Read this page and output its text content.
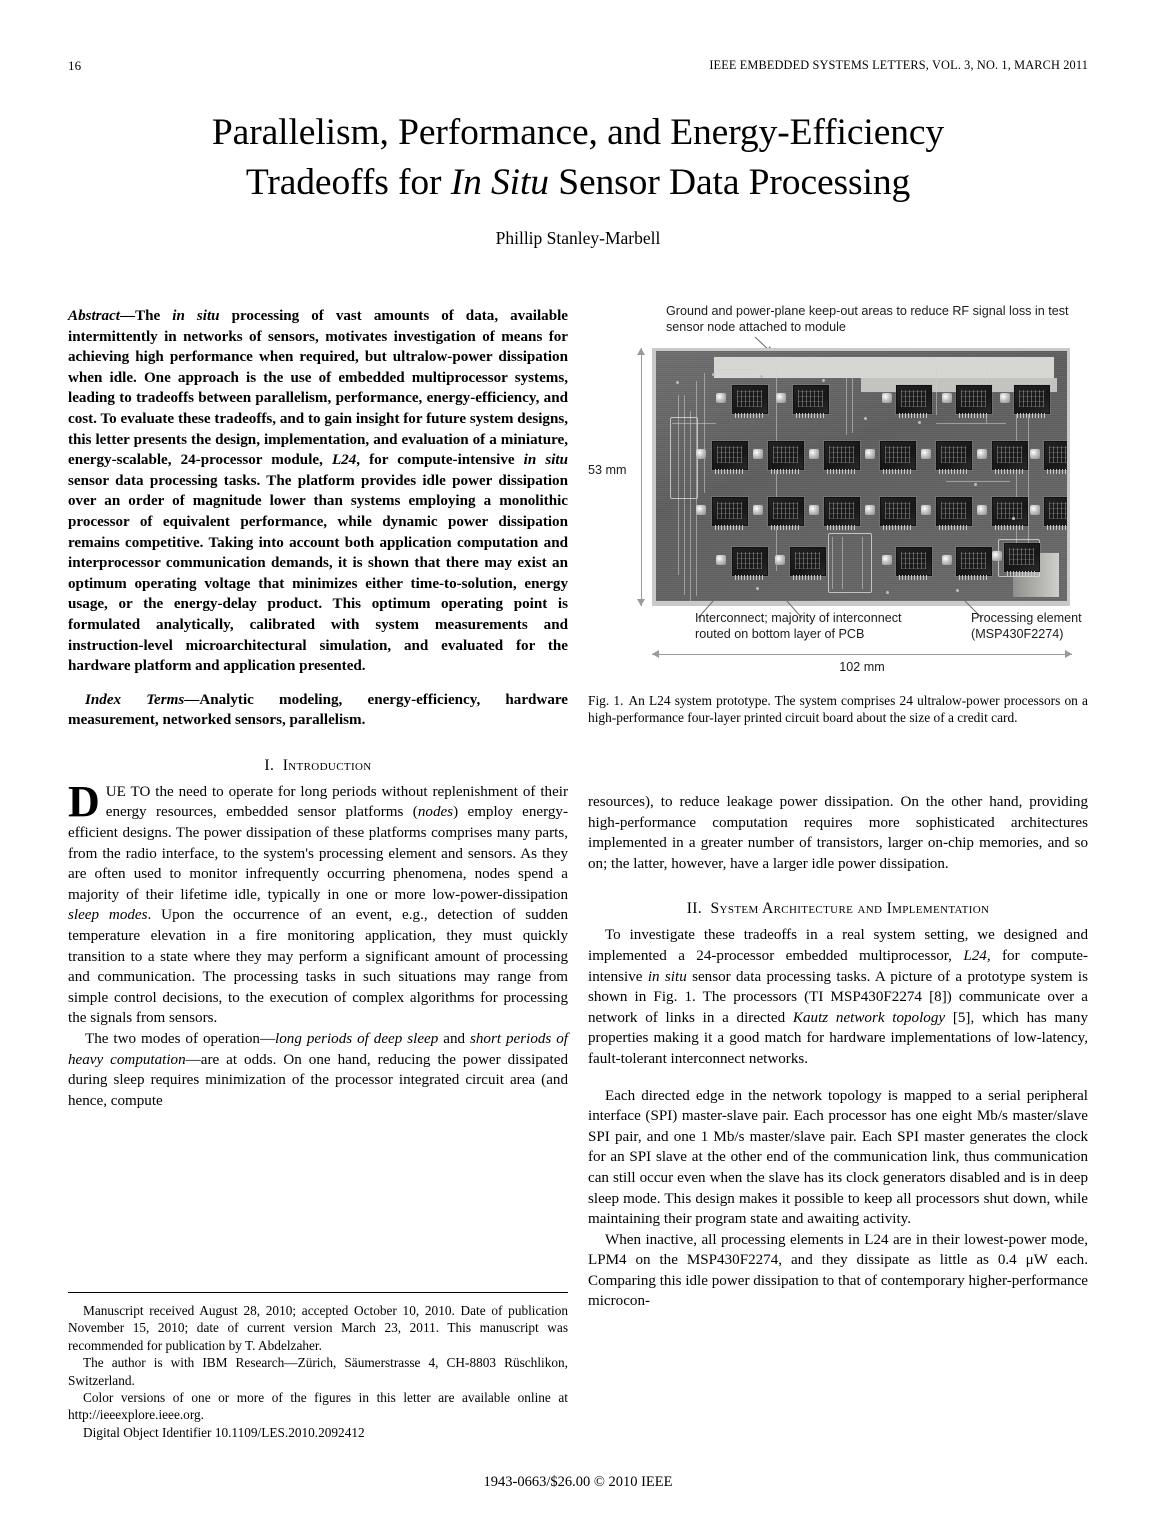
16	IEEE EMBEDDED SYSTEMS LETTERS, VOL. 3, NO. 1, MARCH 2011
Parallelism, Performance, and Energy-Efficiency
Tradeoffs for In Situ Sensor Data Processing
Phillip Stanley-Marbell
Abstract—The in situ processing of vast amounts of data, available intermittently in networks of sensors, motivates investigation of means for achieving high performance when required, but ultralow-power dissipation when idle. One approach is the use of embedded multiprocessor systems, leading to tradeoffs between parallelism, performance, energy-efficiency, and cost. To evaluate these tradeoffs, and to gain insight for future system designs, this letter presents the design, implementation, and evaluation of a miniature, energy-scalable, 24-processor module, L24, for compute-intensive in situ sensor data processing tasks. The platform provides idle power dissipation over an order of magnitude lower than systems employing a monolithic processor of equivalent performance, while dynamic power dissipation remains competitive. Taking into account both application computation and interprocessor communication demands, it is shown that there may exist an optimum operating voltage that minimizes either time-to-solution, energy usage, or the energy-delay product. This optimum operating point is formulated analytically, calibrated with system measurements and instruction-level microarchitectural simulation, and evaluated for the hardware platform and application presented.
Index Terms—Analytic modeling, energy-efficiency, hardware measurement, networked sensors, parallelism.
I. Introduction
DUE TO the need to operate for long periods without replenishment of their energy resources, embedded sensor platforms (nodes) employ energy-efficient designs. The power dissipation of these platforms comprises many parts, from the radio interface, to the system's processing element and sensors. As they are often used to monitor infrequently occurring phenomena, nodes spend a majority of their lifetime idle, typically in one or more low-power-dissipation sleep modes. Upon the occurrence of an event, e.g., detection of sudden temperature elevation in a fire monitoring application, they must quickly transition to a state where they may perform a significant amount of processing and communication. The processing tasks in such situations may range from simple control decisions, to the execution of complex algorithms for processing the signals from sensors.

The two modes of operation—long periods of deep sleep and short periods of heavy computation—are at odds. On one hand, reducing the power dissipated during sleep requires minimization of the processor integrated circuit area (and hence, compute

Ground and power-plane keep-out areas to reduce RF signal loss in test sensor node attached to module
53 mm
Interconnect; majority of interconnect routed on bottom layer of PCB
Processing element
(MSP430F2274)
102 mm
Fig. 1. An L24 system prototype. The system comprises 24 ultralow-power processors on a high-performance four-layer printed circuit board about the size of a credit card.

resources), to reduce leakage power dissipation. On the other hand, providing high-performance computation requires more sophisticated architectures implemented in a greater number of transistors, larger on-chip memories, and so on; the latter, however, have a larger idle power dissipation.

II. System Architecture and Implementation

To investigate these tradeoffs in a real system setting, we designed and implemented a 24-processor embedded multiprocessor, L24, for compute-intensive in situ sensor data processing tasks. A picture of a prototype system is shown in Fig. 1. The processors (TI MSP430F2274 [8]) communicate over a network of links in a directed Kautz network topology [5], which has many properties making it a good match for hardware implementations of low-latency, fault-tolerant interconnect networks.

Each directed edge in the network topology is mapped to a serial peripheral interface (SPI) master-slave pair. Each processor has one eight Mb/s master/slave SPI pair, and one 1 Mb/s master/slave pair. Each SPI master generates the clock for an SPI slave at the other end of the communication link, thus communication can still occur even when the slave has its clock generators disabled and is in deep sleep mode. This design makes it possible to keep all processors shut down, while maintaining their program state and awaiting activity.

When inactive, all processing elements in L24 are in their lowest-power mode, LPM4 on the MSP430F2274, and they dissipate as little as 0.4 μW each. Comparing this idle power dissipation to that of contemporary higher-performance microcon-

Manuscript received August 28, 2010; accepted October 10, 2010. Date of publication November 15, 2010; date of current version March 23, 2011. This manuscript was recommended for publication by T. Abdelzaher.

The author is with IBM Research—Zürich, Säumerstrasse 4, CH-8803 Rüschlikon, Switzerland.

Color versions of one or more of the figures in this letter are available online at http://ieeexplore.ieee.org.

Digital Object Identifier 10.1109/LES.2010.2092412

1943-0663/$26.00 © 2010 IEEE
